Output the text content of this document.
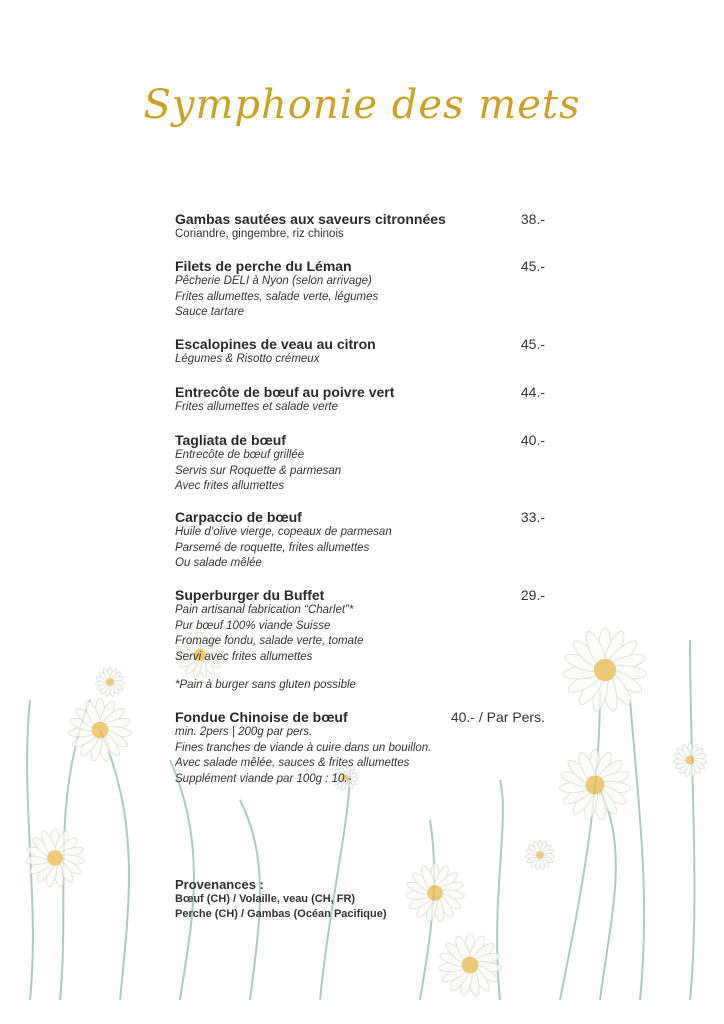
Symphonie des mets
Gambas sautées aux saveurs citronnées	38.-
Coriandre, gingembre, riz chinois
Filets de perche du Léman	45.-
Pêcherie DELI à Nyon (selon arrivage)
Frites allumettes, salade verte, légumes
Sauce tartare
Escalopines de veau au citron	45.-
Légumes & Risotto crémeux
Entrecôte de bœuf au poivre vert	44.-
Frites allumettes et salade verte
Tagliata de bœuf	40.-
Entrecôte de bœuf grillée
Servis sur Roquette & parmesan
Avec frites allumettes
Carpaccio de bœuf	33.-
Huile d’olive vierge, copeaux de parmesan
Parsemé de roquette, frites allumettes
Ou salade mêlée
Superburger du Buffet	29.-
Pain artisanal fabrication “Charlet”*
Pur bœuf 100% viande Suisse
Fromage fondu, salade verte, tomate
Servi avec frites allumettes
Fondue Chinoise de bœuf	40.- / Par Pers.
min. 2pers | 200g par pers.
Fines tranches de viande à cuire dans un bouillon.
Avec salade mêlée, sauces & frites allumettes
Supplément viande par 100g : 10.-
*Pain à burger sans gluten possible
Provenances :
Bœuf (CH) / Volaille, veau (CH, FR)
Perche (CH) / Gambas (Océan Pacifique)
